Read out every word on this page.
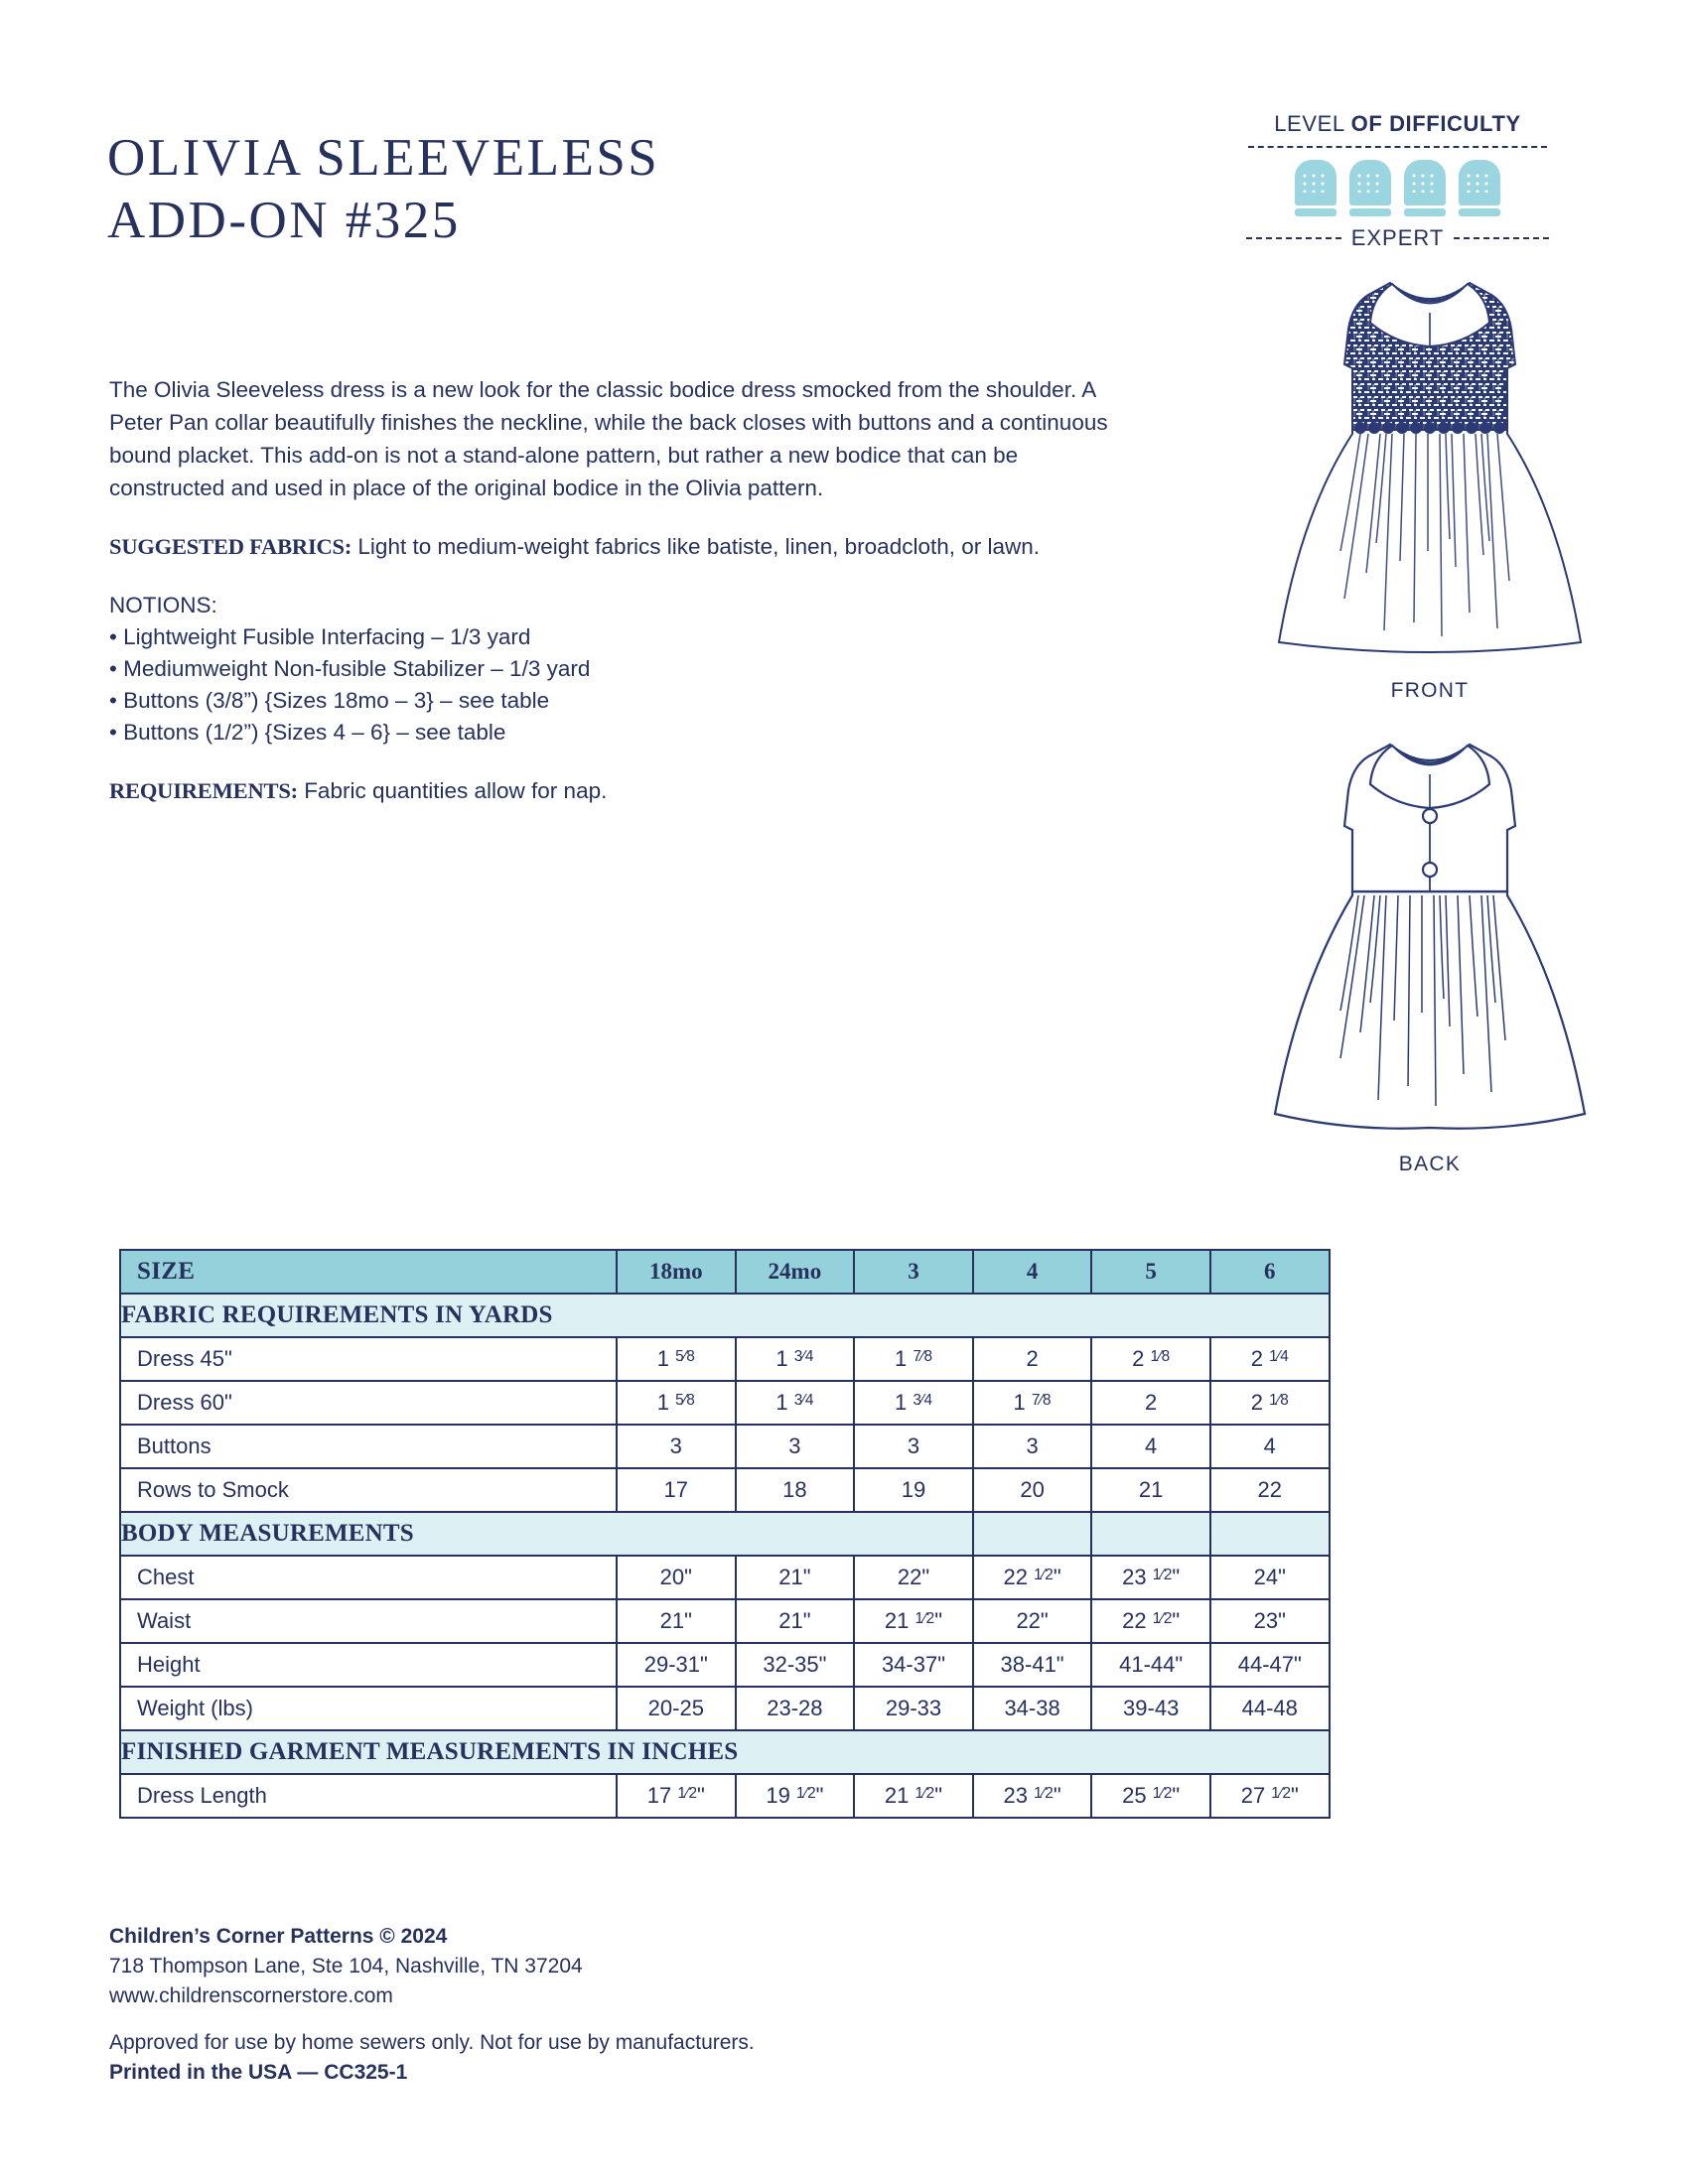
OLIVIA SLEEVELESS
ADD-ON #325
LEVEL OF DIFFICULTY
EXPERT

The Olivia Sleeveless dress is a new look for the classic bodice dress smocked from the shoulder. A Peter Pan collar beautifully finishes the neckline, while the back closes with buttons and a continuous bound placket. This add-on is not a stand-alone pattern, but rather a new bodice that can be constructed and used in place of the original bodice in the Olivia pattern.

SUGGESTED FABRICS: Light to medium-weight fabrics like batiste, linen, broadcloth, or lawn.

NOTIONS:
• Lightweight Fusible Interfacing – 1/3 yard
• Mediumweight Non-fusible Stabilizer – 1/3 yard
• Buttons (3/8”) {Sizes 18mo – 3} – see table
• Buttons (1/2”) {Sizes 4 – 6} – see table

REQUIREMENTS: Fabric quantities allow for nap.

FRONT
BACK
SIZE	18mo	24mo	3	4	5	6
FABRIC REQUIREMENTS IN YARDS						
Dress 45"	1 5⁄8	1 3⁄4	1 7⁄8	2	2 1⁄8	2 1⁄4
Dress 60"	1 5⁄8	1 3⁄4	1 3⁄4	1 7⁄8	2	2 1⁄8
Buttons	3	3	3	3	4	4
Rows to Smock	17	18	19	20	21	22
BODY MEASUREMENTS						
Chest	20"	21"	22"	22 1⁄2"	23 1⁄2"	24"
Waist	21"	21"	21 1⁄2"	22"	22 1⁄2"	23"
Height	29-31"	32-35"	34-37"	38-41"	41-44"	44-47"
Weight (lbs)	20-25	23-28	29-33	34-38	39-43	44-48
FINISHED GARMENT MEASUREMENTS IN INCHES						
Dress Length	17 1⁄2"	19 1⁄2"	21 1⁄2"	23 1⁄2"	25 1⁄2"	27 1⁄2"
Children’s Corner Patterns © 2024
718 Thompson Lane, Ste 104, Nashville, TN 37204
www.childrenscornerstore.com
Approved for use by home sewers only. Not for use by manufacturers.
Printed in the USA — CC325-1
